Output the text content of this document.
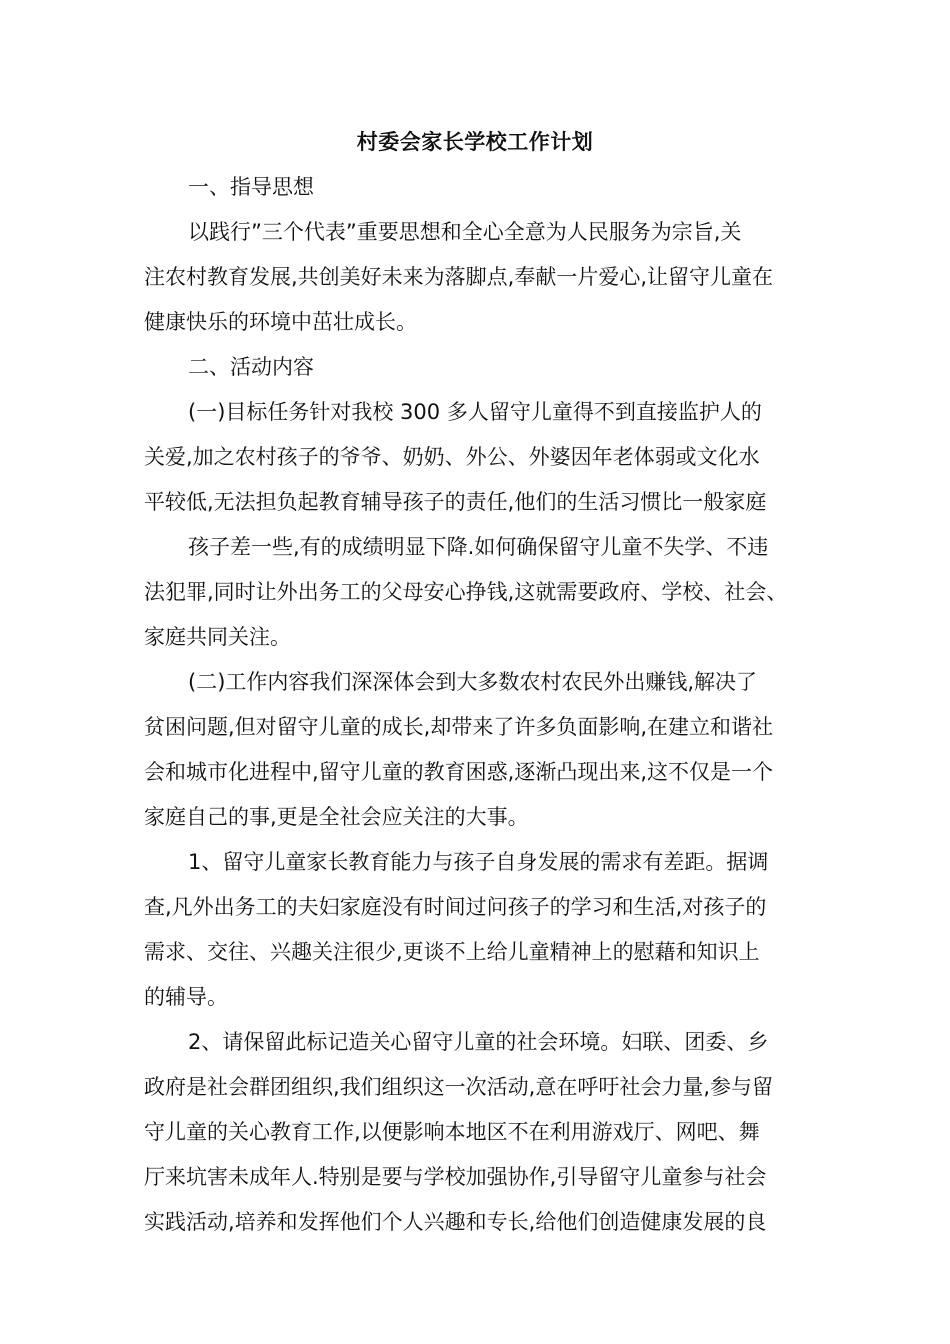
村委会家长学校工作计划
一、指导思想
以践行”三个代表”重要思想和全心全意为人民服务为宗旨,关
注农村教育发展,共创美好未来为落脚点,奉献一片爱心,让留守儿童在
健康快乐的环境中茁壮成长。
二、活动内容
(一)目标任务针对我校 300 多人留守儿童得不到直接监护人的
关爱,加之农村孩子的爷爷、奶奶、外公、外婆因年老体弱或文化水
平较低,无法担负起教育辅导孩子的责任,他们的生活习惯比一般家庭
孩子差一些,有的成绩明显下降.如何确保留守儿童不失学、不违
法犯罪,同时让外出务工的父母安心挣钱,这就需要政府、学校、社会、
家庭共同关注。
(二)工作内容我们深深体会到大多数农村农民外出赚钱,解决了
贫困问题,但对留守儿童的成长,却带来了许多负面影响,在建立和谐社
会和城市化进程中,留守儿童的教育困惑,逐渐凸现出来,这不仅是一个
家庭自己的事,更是全社会应关注的大事。
1、留守儿童家长教育能力与孩子自身发展的需求有差距。据调
查,凡外出务工的夫妇家庭没有时间过问孩子的学习和生活,对孩子的
需求、交往、兴趣关注很少,更谈不上给儿童精神上的慰藉和知识上
的辅导。
2、请保留此标记造关心留守儿童的社会环境。妇联、团委、乡
政府是社会群团组织,我们组织这一次活动,意在呼吁社会力量,参与留
守儿童的关心教育工作,以便影响本地区不在利用游戏厅、网吧、舞
厅来坑害未成年人.特别是要与学校加强协作,引导留守儿童参与社会
实践活动,培养和发挥他们个人兴趣和专长,给他们创造健康发展的良
